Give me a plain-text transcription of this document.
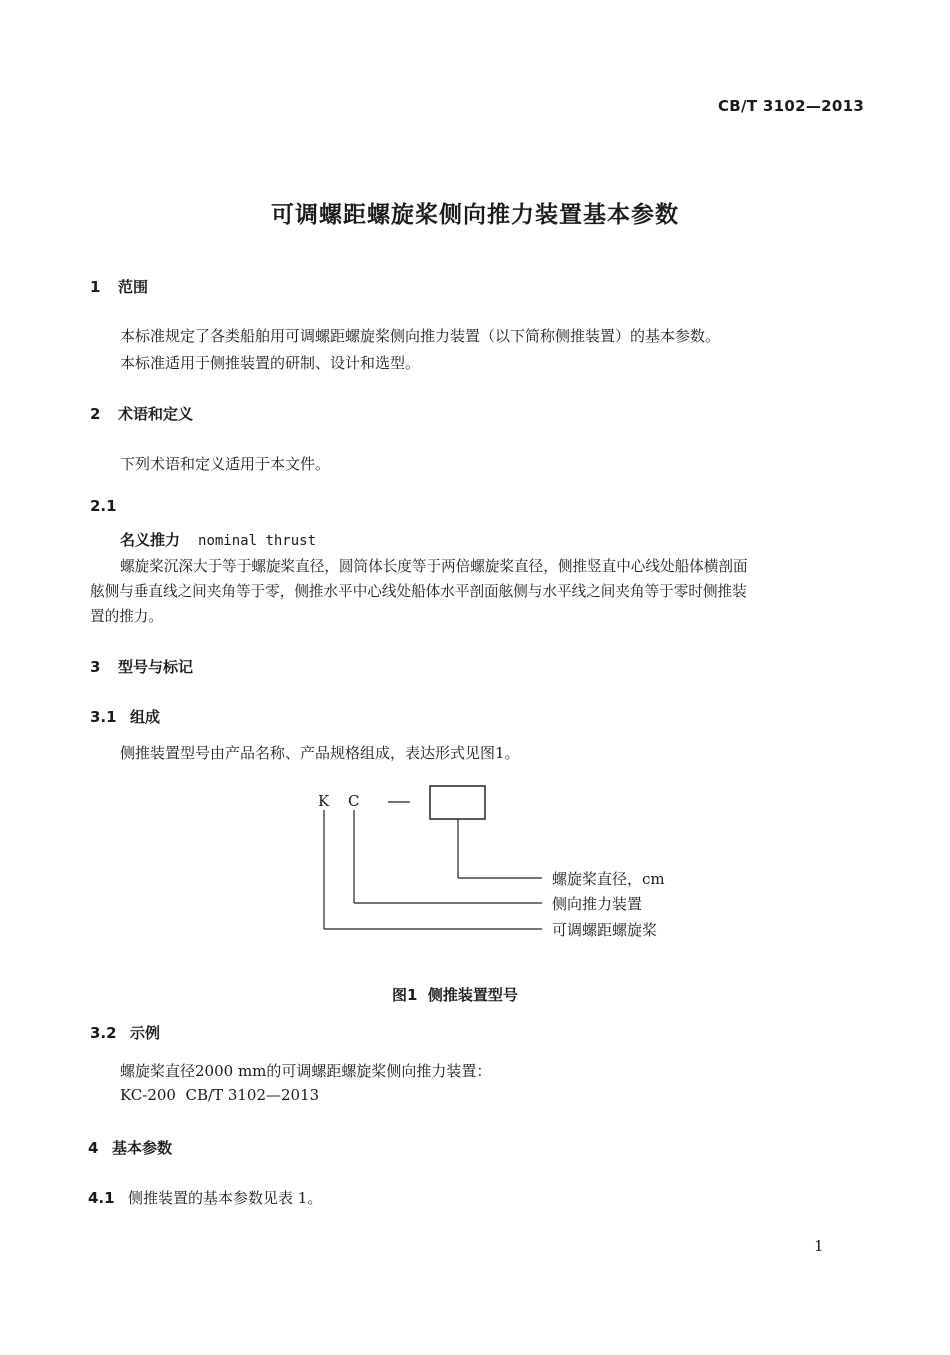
CB/T 3102—2013
可调螺距螺旋桨侧向推力装置基本参数
1 范围
本标准规定了各类船舶用可调螺距螺旋桨侧向推力装置（以下简称侧推装置）的基本参数。
本标准适用于侧推装置的研制、设计和选型。
2 术语和定义
下列术语和定义适用于本文件。
2.1
名义推力 nominal thrust
螺旋桨沉深大于等于螺旋桨直径，圆筒体长度等于两倍螺旋桨直径，侧推竖直中心线处船体横剖面
舷侧与垂直线之间夹角等于零，侧推水平中心线处船体水平剖面舷侧与水平线之间夹角等于零时侧推装
置的推力。
3 型号与标记
3.1 组成
侧推装置型号由产品名称、产品规格组成，表达形式见图1。
K C
螺旋桨直径，cm
侧向推力装置
可调螺距螺旋桨
图1  侧推装置型号
3.2 示例
螺旋桨直径2000 mm的可调螺距螺旋桨侧向推力装置：
KC-200  CB/T 3102—2013
4 基本参数
4.1 侧推装置的基本参数见表 1。
1
